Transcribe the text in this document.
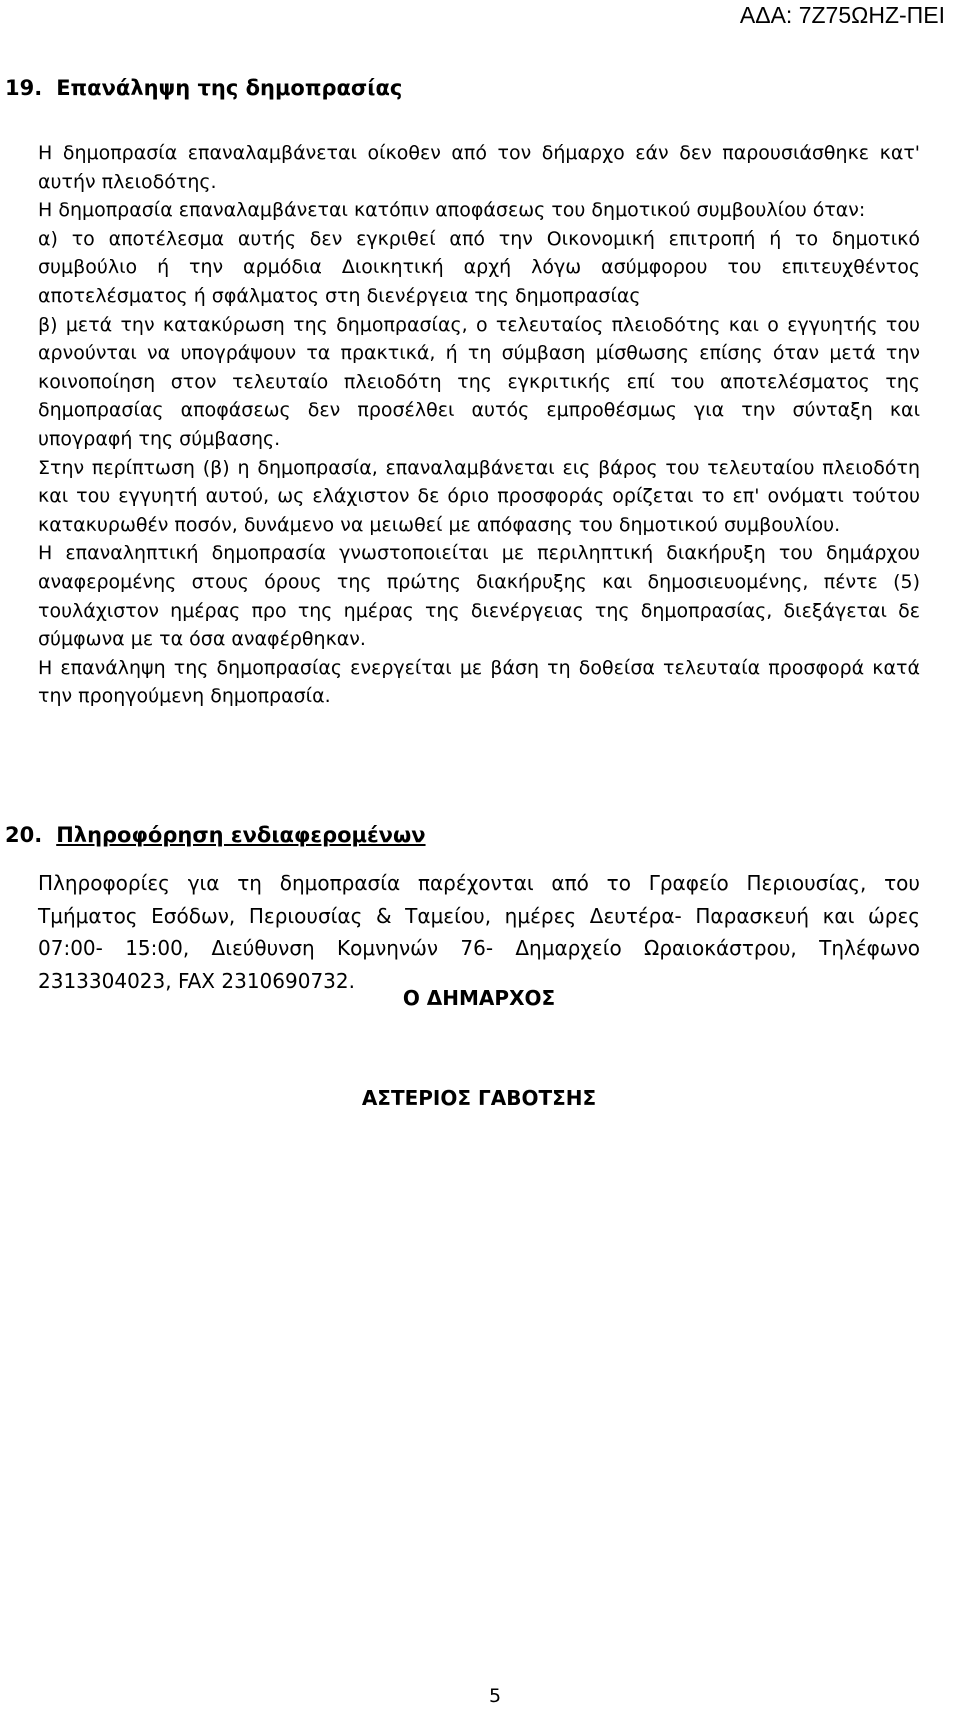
ΑΔΑ: 7Ζ75ΩΗΖ-ΠΕΙ
19. Επανάληψη της δημοπρασίας

Η δημοπρασία επαναλαμβάνεται οίκοθεν από τον δήμαρχο εάν δεν παρουσιάσθηκε κατ' αυτήν πλειοδότης.

Η δημοπρασία επαναλαμβάνεται κατόπιν αποφάσεως του δημοτικού συμβουλίου όταν:

α) το αποτέλεσμα αυτής δεν εγκριθεί από την Οικονομική επιτροπή ή το δημοτικό συμβούλιο ή την αρμόδια Διοικητική αρχή λόγω ασύμφορου του επιτευχθέντος αποτελέσματος ή σφάλματος στη διενέργεια της δημοπρασίας

β) μετά την κατακύρωση της δημοπρασίας, ο τελευταίος πλειοδότης και ο εγγυητής του αρνούνται να υπογράψουν τα πρακτικά, ή τη σύμβαση μίσθωσης επίσης όταν μετά την κοινοποίηση στον τελευταίο πλειοδότη της εγκριτικής επί του αποτελέσματος της δημοπρασίας αποφάσεως δεν προσέλθει αυτός εμπροθέσμως για την σύνταξη και υπογραφή της σύμβασης.

Στην περίπτωση (β) η δημοπρασία, επαναλαμβάνεται εις βάρος του τελευταίου πλειοδότη και του εγγυητή αυτού, ως ελάχιστον δε όριο προσφοράς ορίζεται το επ' ονόματι τούτου κατακυρωθέν ποσόν, δυνάμενο να μειωθεί με απόφασης του δημοτικού συμβουλίου.

Η επαναληπτική δημοπρασία γνωστοποιείται με περιληπτική διακήρυξη του δημάρχου αναφερομένης στους όρους της πρώτης διακήρυξης και δημοσιευομένης, πέντε (5) τουλάχιστον ημέρας προ της ημέρας της διενέργειας της δημοπρασίας, διεξάγεται δε σύμφωνα με τα όσα αναφέρθηκαν.

Η επανάληψη της δημοπρασίας ενεργείται με βάση τη δοθείσα τελευταία προσφορά κατά την προηγούμενη δημοπρασία.

20. Πληροφόρηση ενδιαφερομένων

Πληροφορίες για τη δημοπρασία παρέχονται από το Γραφείο Περιουσίας, του Τμήματος Εσόδων, Περιουσίας & Ταμείου, ημέρες Δευτέρα- Παρασκευή και ώρες 07:00- 15:00, Διεύθυνση Κομνηνών 76- Δημαρχείο Ωραιοκάστρου, Τηλέφωνο 2313304023, FAX 2310690732.

Ο ΔΗΜΑΡΧΟΣ
ΑΣΤΕΡΙΟΣ ΓΑΒΟΤΣΗΣ
5
